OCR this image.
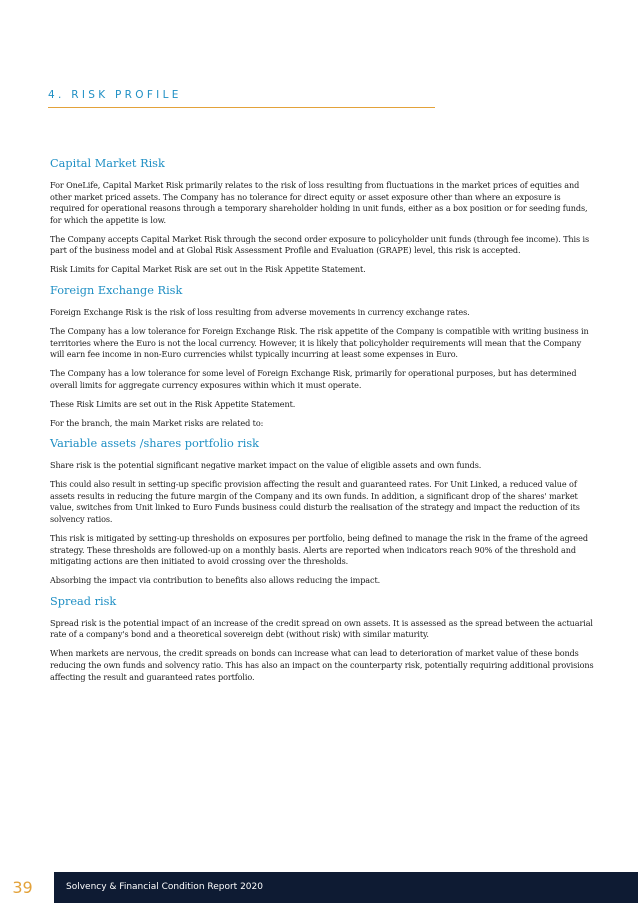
4. RISK PROFILE
Capital Market Risk

For OneLife, Capital Market Risk primarily relates to the risk of loss resulting from fluctuations in the market prices of equities and other market priced assets. The Company has no tolerance for direct equity or asset exposure other than where an exposure is required for operational reasons through a temporary shareholder holding in unit funds, either as a box position or for seeding funds, for which the appetite is low.

The Company accepts Capital Market Risk through the second order exposure to policyholder unit funds (through fee income). This is part of the business model and at Global Risk Assessment Profile and Evaluation (GRAPE) level, this risk is accepted.

Risk Limits for Capital Market Risk are set out in the Risk Appetite Statement.

Foreign Exchange Risk

Foreign Exchange Risk is the risk of loss resulting from adverse movements in currency exchange rates.

The Company has a low tolerance for Foreign Exchange Risk. The risk appetite of the Company is compatible with writing business in territories where the Euro is not the local currency. However, it is likely that policyholder requirements will mean that the Company will earn fee income in non-Euro currencies whilst typically incurring at least some expenses in Euro.

The Company has a low tolerance for some level of Foreign Exchange Risk, primarily for operational purposes, but has determined overall limits for aggregate currency exposures within which it must operate.

These Risk Limits are set out in the Risk Appetite Statement.

For the branch, the main Market risks are related to:

Variable assets /shares portfolio risk

Share risk is the potential significant negative market impact on the value of eligible assets and own funds.

This could also result in setting-up specific provision affecting the result and guaranteed rates. For Unit Linked, a reduced value of assets results in reducing the future margin of the Company and its own funds. In addition, a significant drop of the shares' market value, switches from Unit linked to Euro Funds business could disturb the realisation of the strategy and impact the reduction of its solvency ratios.

This risk is mitigated by setting-up thresholds on exposures per portfolio, being defined to manage the risk in the frame of the agreed strategy. These thresholds are followed-up on a monthly basis. Alerts are reported when indicators reach 90% of the threshold and mitigating actions are then initiated to avoid crossing over the thresholds.

Absorbing the impact via contribution to benefits also allows reducing the impact.

Spread risk

Spread risk is the potential impact of an increase of the credit spread on own assets. It is assessed as the spread between the actuarial rate of a company's bond and a theoretical sovereign debt (without risk) with similar maturity.

When markets are nervous, the credit spreads on bonds can increase what can lead to deterioration of market value of these bonds reducing the own funds and solvency ratio. This has also an impact on the counterparty risk, potentially requiring additional provisions affecting the result and guaranteed rates portfolio.

39	Solvency & Financial Condition Report 2020
